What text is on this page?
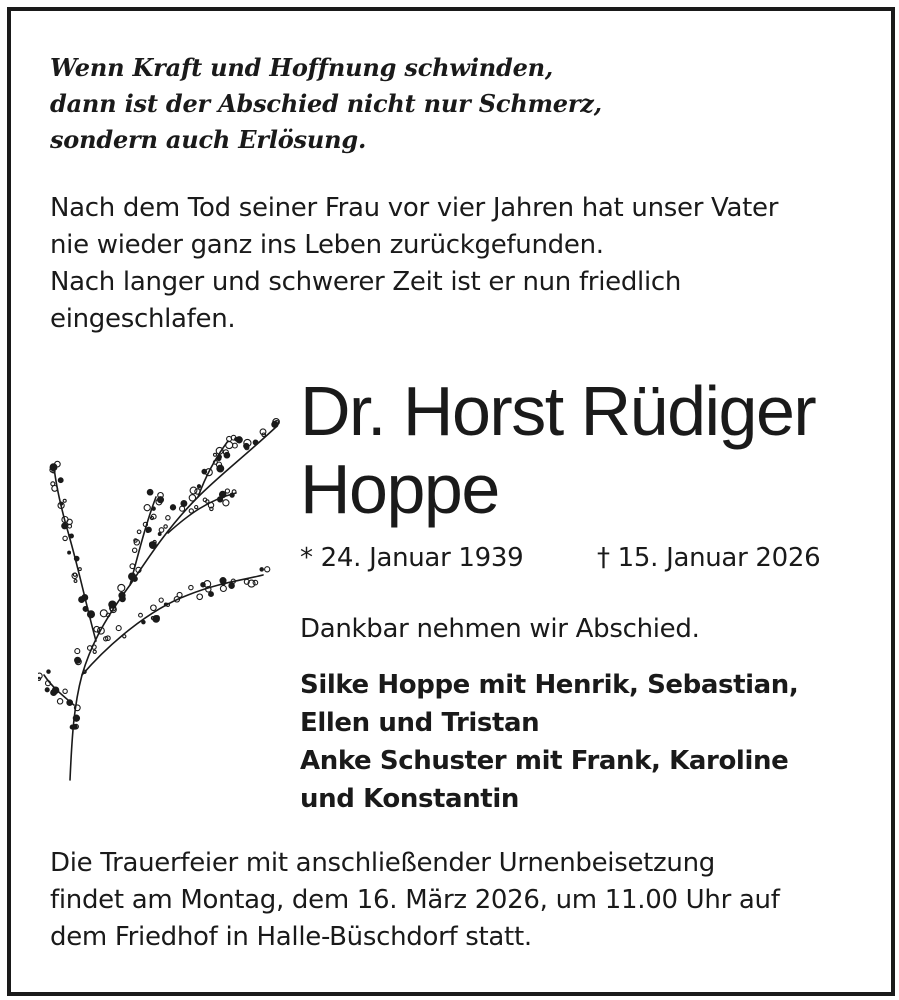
Wenn Kraft und Hoffnung schwinden,
dann ist der Abschied nicht nur Schmerz,
sondern auch Erlösung.
Nach dem Tod seiner Frau vor vier Jahren hat unser Vater
nie wieder ganz ins Leben zurückgefunden.
Nach langer und schwerer Zeit ist er nun friedlich
eingeschlafen.
Dr. Horst Rüdiger
Hoppe
* 24. Januar 1939	† 15. Januar 2026
Dankbar nehmen wir Abschied.
Silke Hoppe mit Henrik, Sebastian,
Ellen und Tristan
Anke Schuster mit Frank, Karoline
und Konstantin
Die Trauerfeier mit anschließender Urnenbeisetzung
findet am Montag, dem 16. März 2026, um 11.00 Uhr auf
dem Friedhof in Halle-Büschdorf statt.
